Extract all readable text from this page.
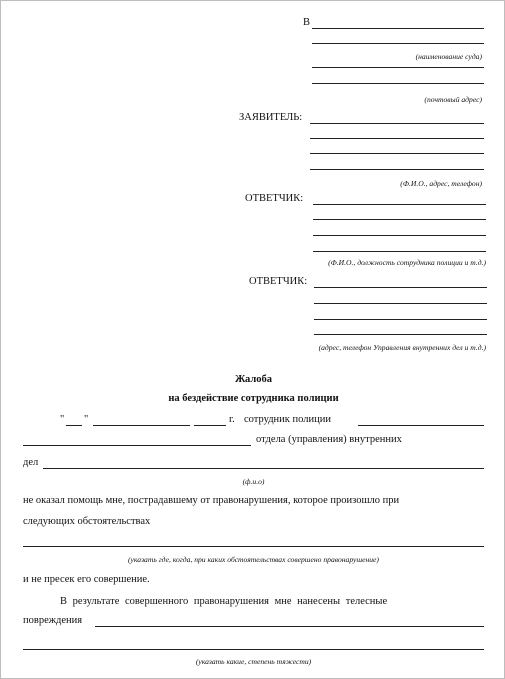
В
(наименование суда)
(почтовый адрес)
ЗАЯВИТЕЛЬ:
(Ф.И.О., адрес, телефон)
ОТВЕТЧИК:
(Ф.И.О., должность сотрудника полиции и т.д.)
ОТВЕТЧИК:
(адрес, телефон Управления внутренних дел и т.д.)
Жалоба
на бездействие сотрудника полиции
" "	г. сотрудник полиции
отдела (управления) внутренних
дел
(ф.и.о)
не оказал помощь мне, пострадавшему от правонарушения, которое произошло при
следующих обстоятельствах
(указать где, когда, при каких обстоятельствах совершено правонарушение)
и не пресек его совершение.
В результате совершенного правонарушения мне нанесены телесные
повреждения
(указать какие, степень тяжести)
